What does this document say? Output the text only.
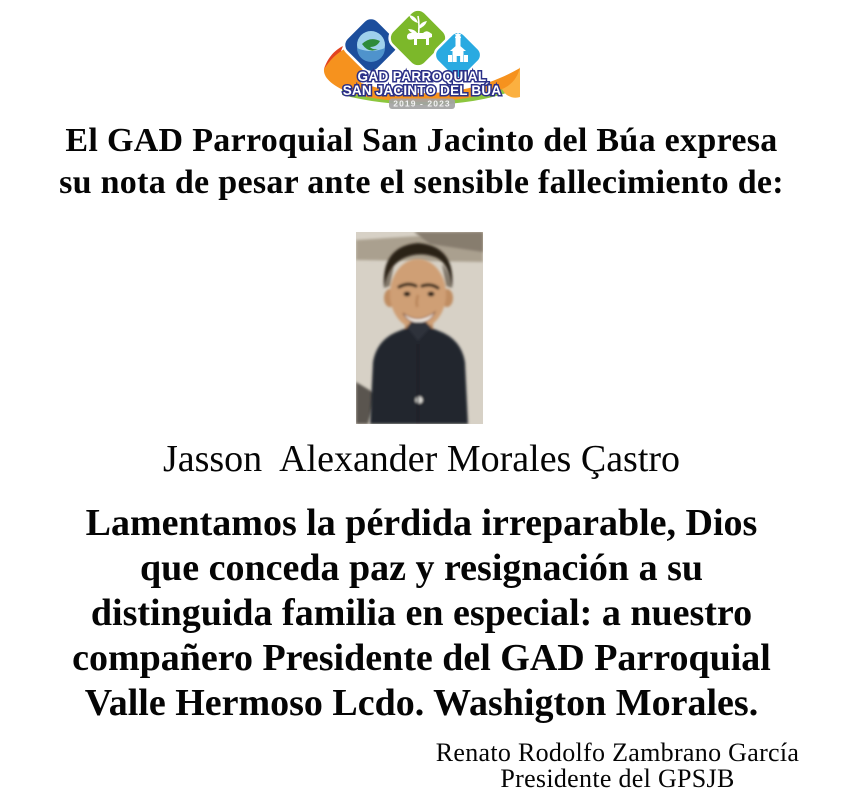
GAD PARROQUIAL
SAN JACINTO DEL BÚA
2019 - 2023
El GAD Parroquial San Jacinto del Búa expresa
su nota de pesar ante el sensible fallecimiento de:
Jasson  Alexander Morales Çastro
Lamentamos la pérdida irreparable, Dios
que conceda paz y resignación a su
distinguida familia en especial: a nuestro
compañero Presidente del GAD Parroquial
Valle Hermoso Lcdo. Washigton Morales.
Renato Rodolfo Zambrano García
Presidente del GPSJB
